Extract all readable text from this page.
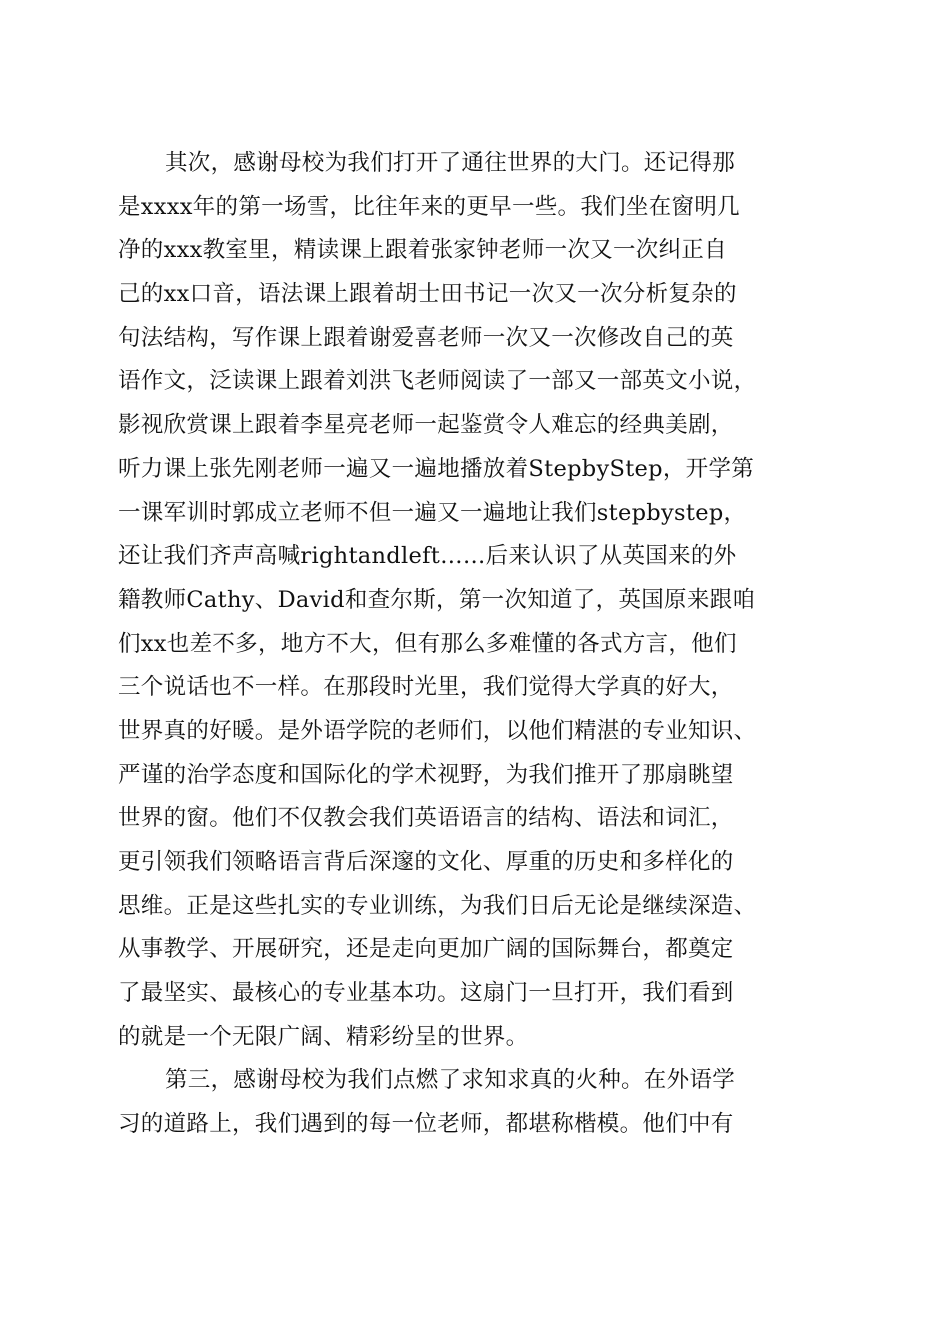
其次，感谢母校为我们打开了通往世界的大门。还记得那
是xxxx年的第一场雪，比往年来的更早一些。我们坐在窗明几
净的xxx教室里，精读课上跟着张家钟老师一次又一次纠正自
己的xx口音，语法课上跟着胡士田书记一次又一次分析复杂的
句法结构，写作课上跟着谢爱喜老师一次又一次修改自己的英
语作文，泛读课上跟着刘洪飞老师阅读了一部又一部英文小说，
影视欣赏课上跟着李星亮老师一起鉴赏令人难忘的经典美剧，
听力课上张先刚老师一遍又一遍地播放着StepbyStep，开学第
一课军训时郭成立老师不但一遍又一遍地让我们stepbystep，
还让我们齐声高喊rightandleft……后来认识了从英国来的外
籍教师Cathy、David和查尔斯，第一次知道了，英国原来跟咱
们xx也差不多，地方不大，但有那么多难懂的各式方言，他们
三个说话也不一样。在那段时光里，我们觉得大学真的好大，
世界真的好暖。是外语学院的老师们，以他们精湛的专业知识、
严谨的治学态度和国际化的学术视野，为我们推开了那扇眺望
世界的窗。他们不仅教会我们英语语言的结构、语法和词汇，
更引领我们领略语言背后深邃的文化、厚重的历史和多样化的
思维。正是这些扎实的专业训练，为我们日后无论是继续深造、
从事教学、开展研究，还是走向更加广阔的国际舞台，都奠定
了最坚实、最核心的专业基本功。这扇门一旦打开，我们看到
的就是一个无限广阔、精彩纷呈的世界。
第三，感谢母校为我们点燃了求知求真的火种。在外语学
习的道路上，我们遇到的每一位老师，都堪称楷模。他们中有
